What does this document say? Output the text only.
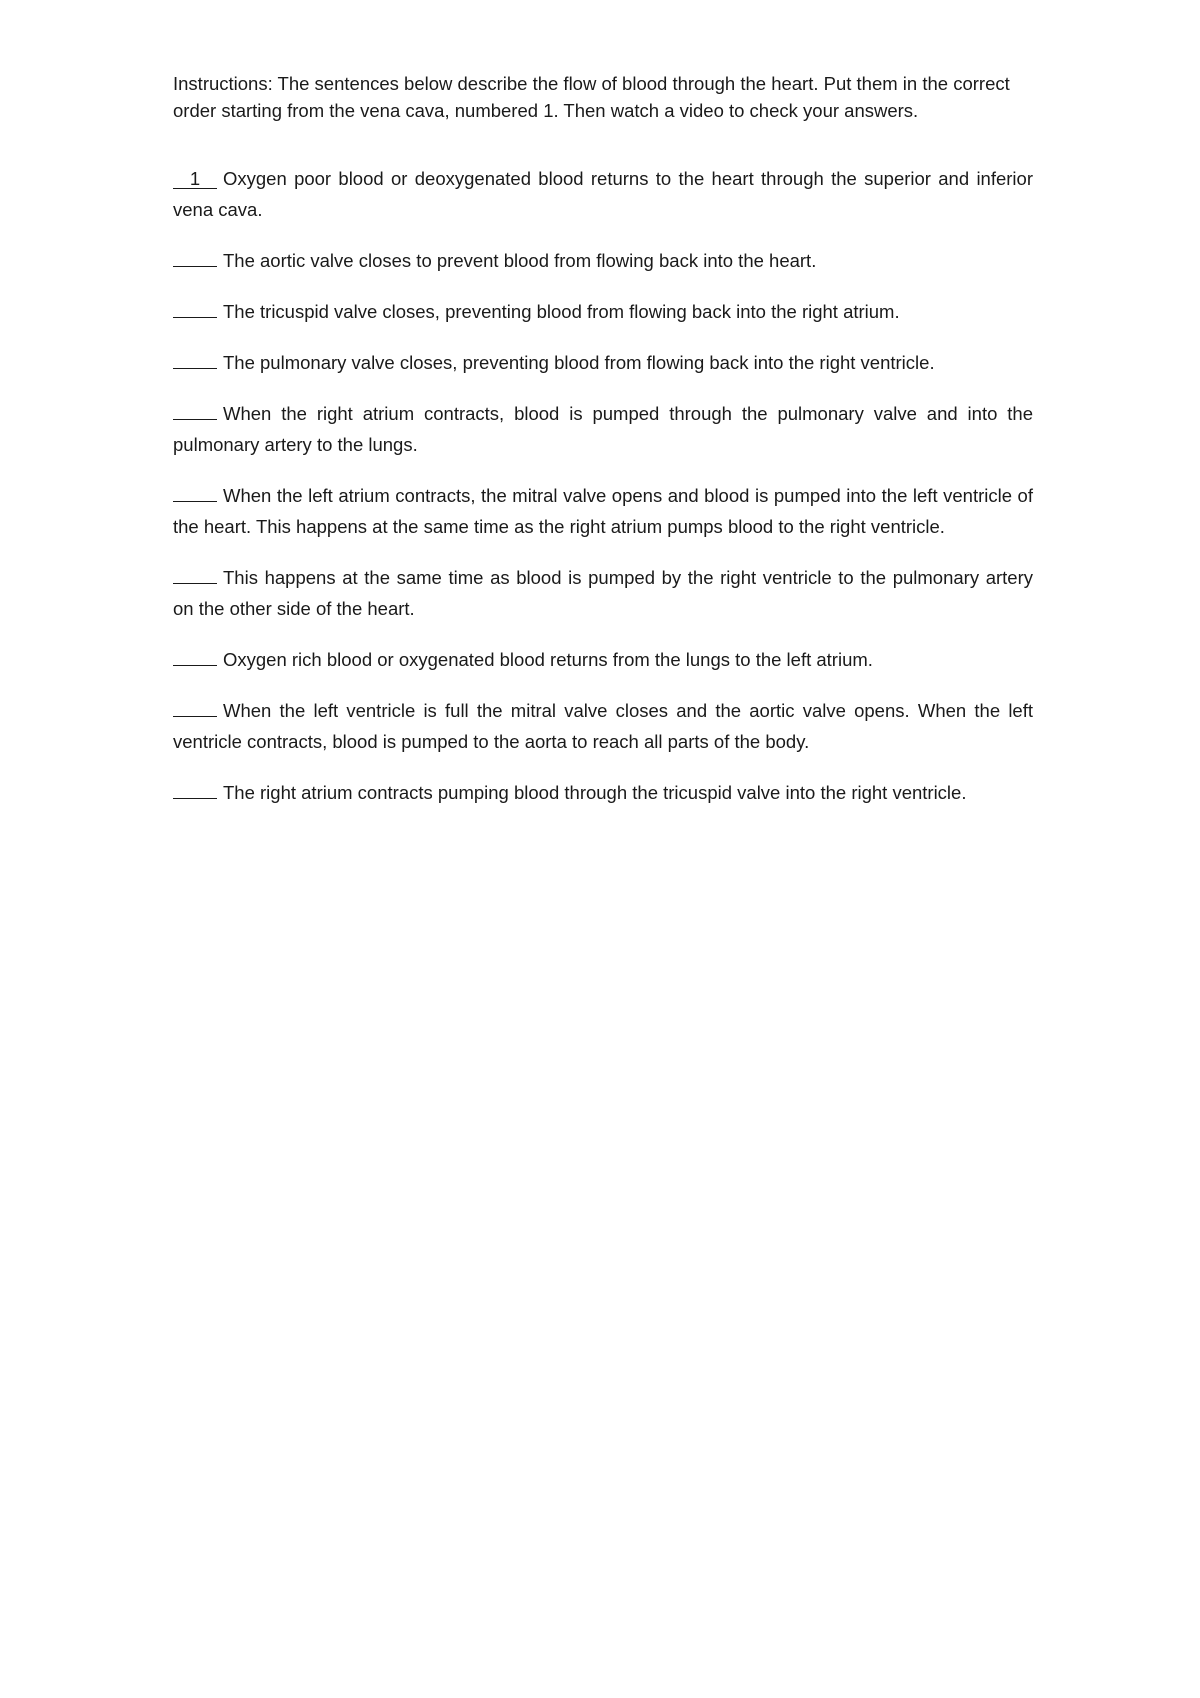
Instructions: The sentences below describe the flow of blood through the heart. Put them in the correct order starting from the vena cava, numbered 1. Then watch a video to check your answers.

1 Oxygen poor blood or deoxygenated blood returns to the heart through the superior and inferior vena cava.

The aortic valve closes to prevent blood from flowing back into the heart.

The tricuspid valve closes, preventing blood from flowing back into the right atrium.

The pulmonary valve closes, preventing blood from flowing back into the right ventricle.

When the right atrium contracts, blood is pumped through the pulmonary valve and into the pulmonary artery to the lungs.

When the left atrium contracts, the mitral valve opens and blood is pumped into the left ventricle of the heart. This happens at the same time as the right atrium pumps blood to the right ventricle.

This happens at the same time as blood is pumped by the right ventricle to the pulmonary artery on the other side of the heart.

Oxygen rich blood or oxygenated blood returns from the lungs to the left atrium.

When the left ventricle is full the mitral valve closes and the aortic valve opens. When the left ventricle contracts, blood is pumped to the aorta to reach all parts of the body.

The right atrium contracts pumping blood through the tricuspid valve into the right ventricle.
